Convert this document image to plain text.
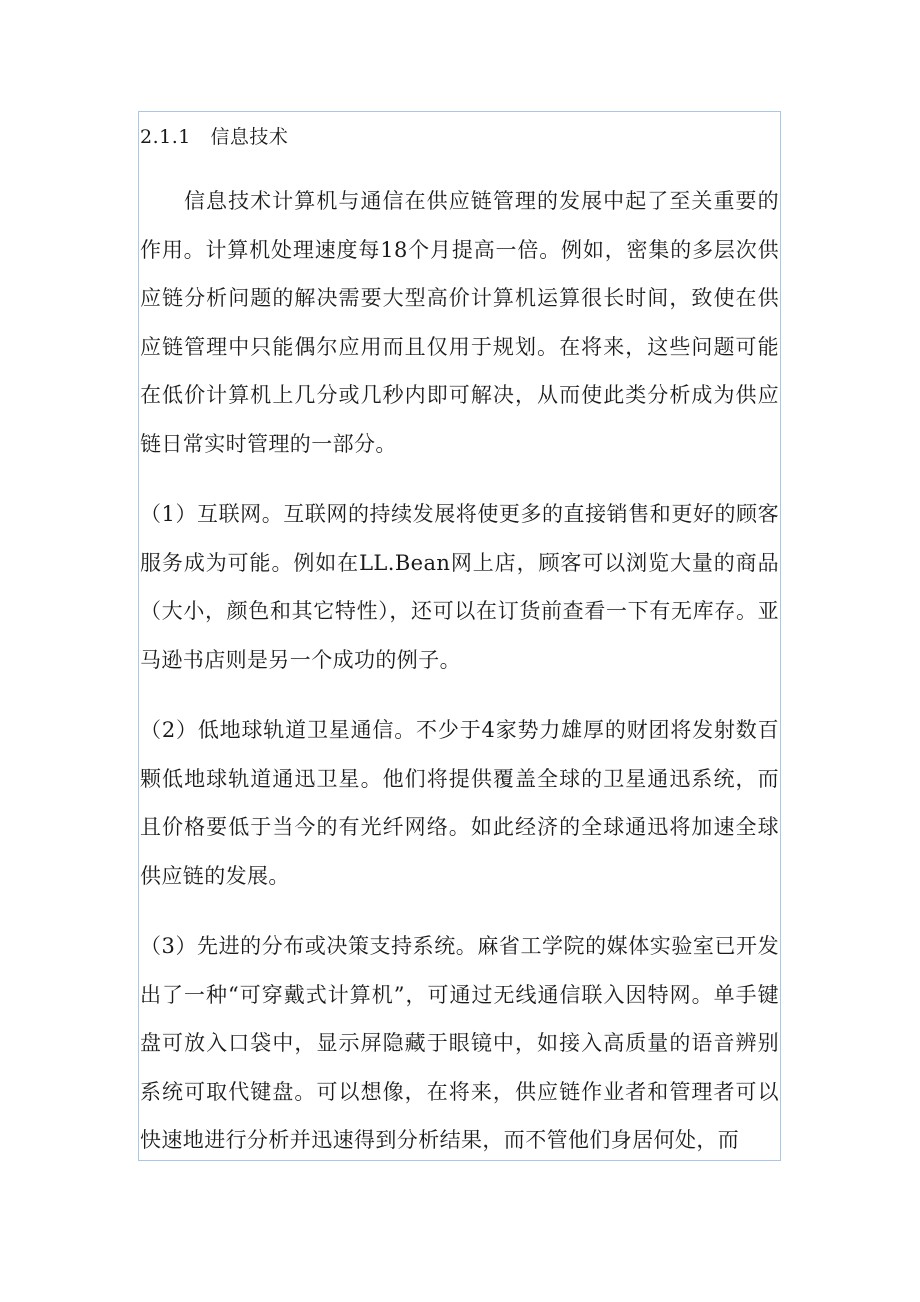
2.1.1　信息技术

信息技术计算机与通信在供应链管理的发展中起了至关重要的作用。计算机处理速度每18个月提高一倍。例如，密集的多层次供应链分析问题的解决需要大型高价计算机运算很长时间，致使在供应链管理中只能偶尔应用而且仅用于规划。在将来，这些问题可能在低价计算机上几分或几秒内即可解决，从而使此类分析成为供应链日常实时管理的一部分。

（1）互联网。互联网的持续发展将使更多的直接销售和更好的顾客服务成为可能。例如在LL.Bean网上店，顾客可以浏览大量的商品（大小，颜色和其它特性），还可以在订货前查看一下有无库存。亚马逊书店则是另一个成功的例子。

（2）低地球轨道卫星通信。不少于4家势力雄厚的财团将发射数百颗低地球轨道通迅卫星。他们将提供覆盖全球的卫星通迅系统，而且价格要低于当今的有光纤网络。如此经济的全球通迅将加速全球供应链的发展。

（3）先进的分布或决策支持系统。麻省工学院的媒体实验室已开发出了一种“可穿戴式计算机”，可通过无线通信联入因特网。单手键盘可放入口袋中，显示屏隐藏于眼镜中，如接入高质量的语音辨别系统可取代键盘。可以想像，在将来，供应链作业者和管理者可以快速地进行分析并迅速得到分析结果，而不管他们身居何处，而
